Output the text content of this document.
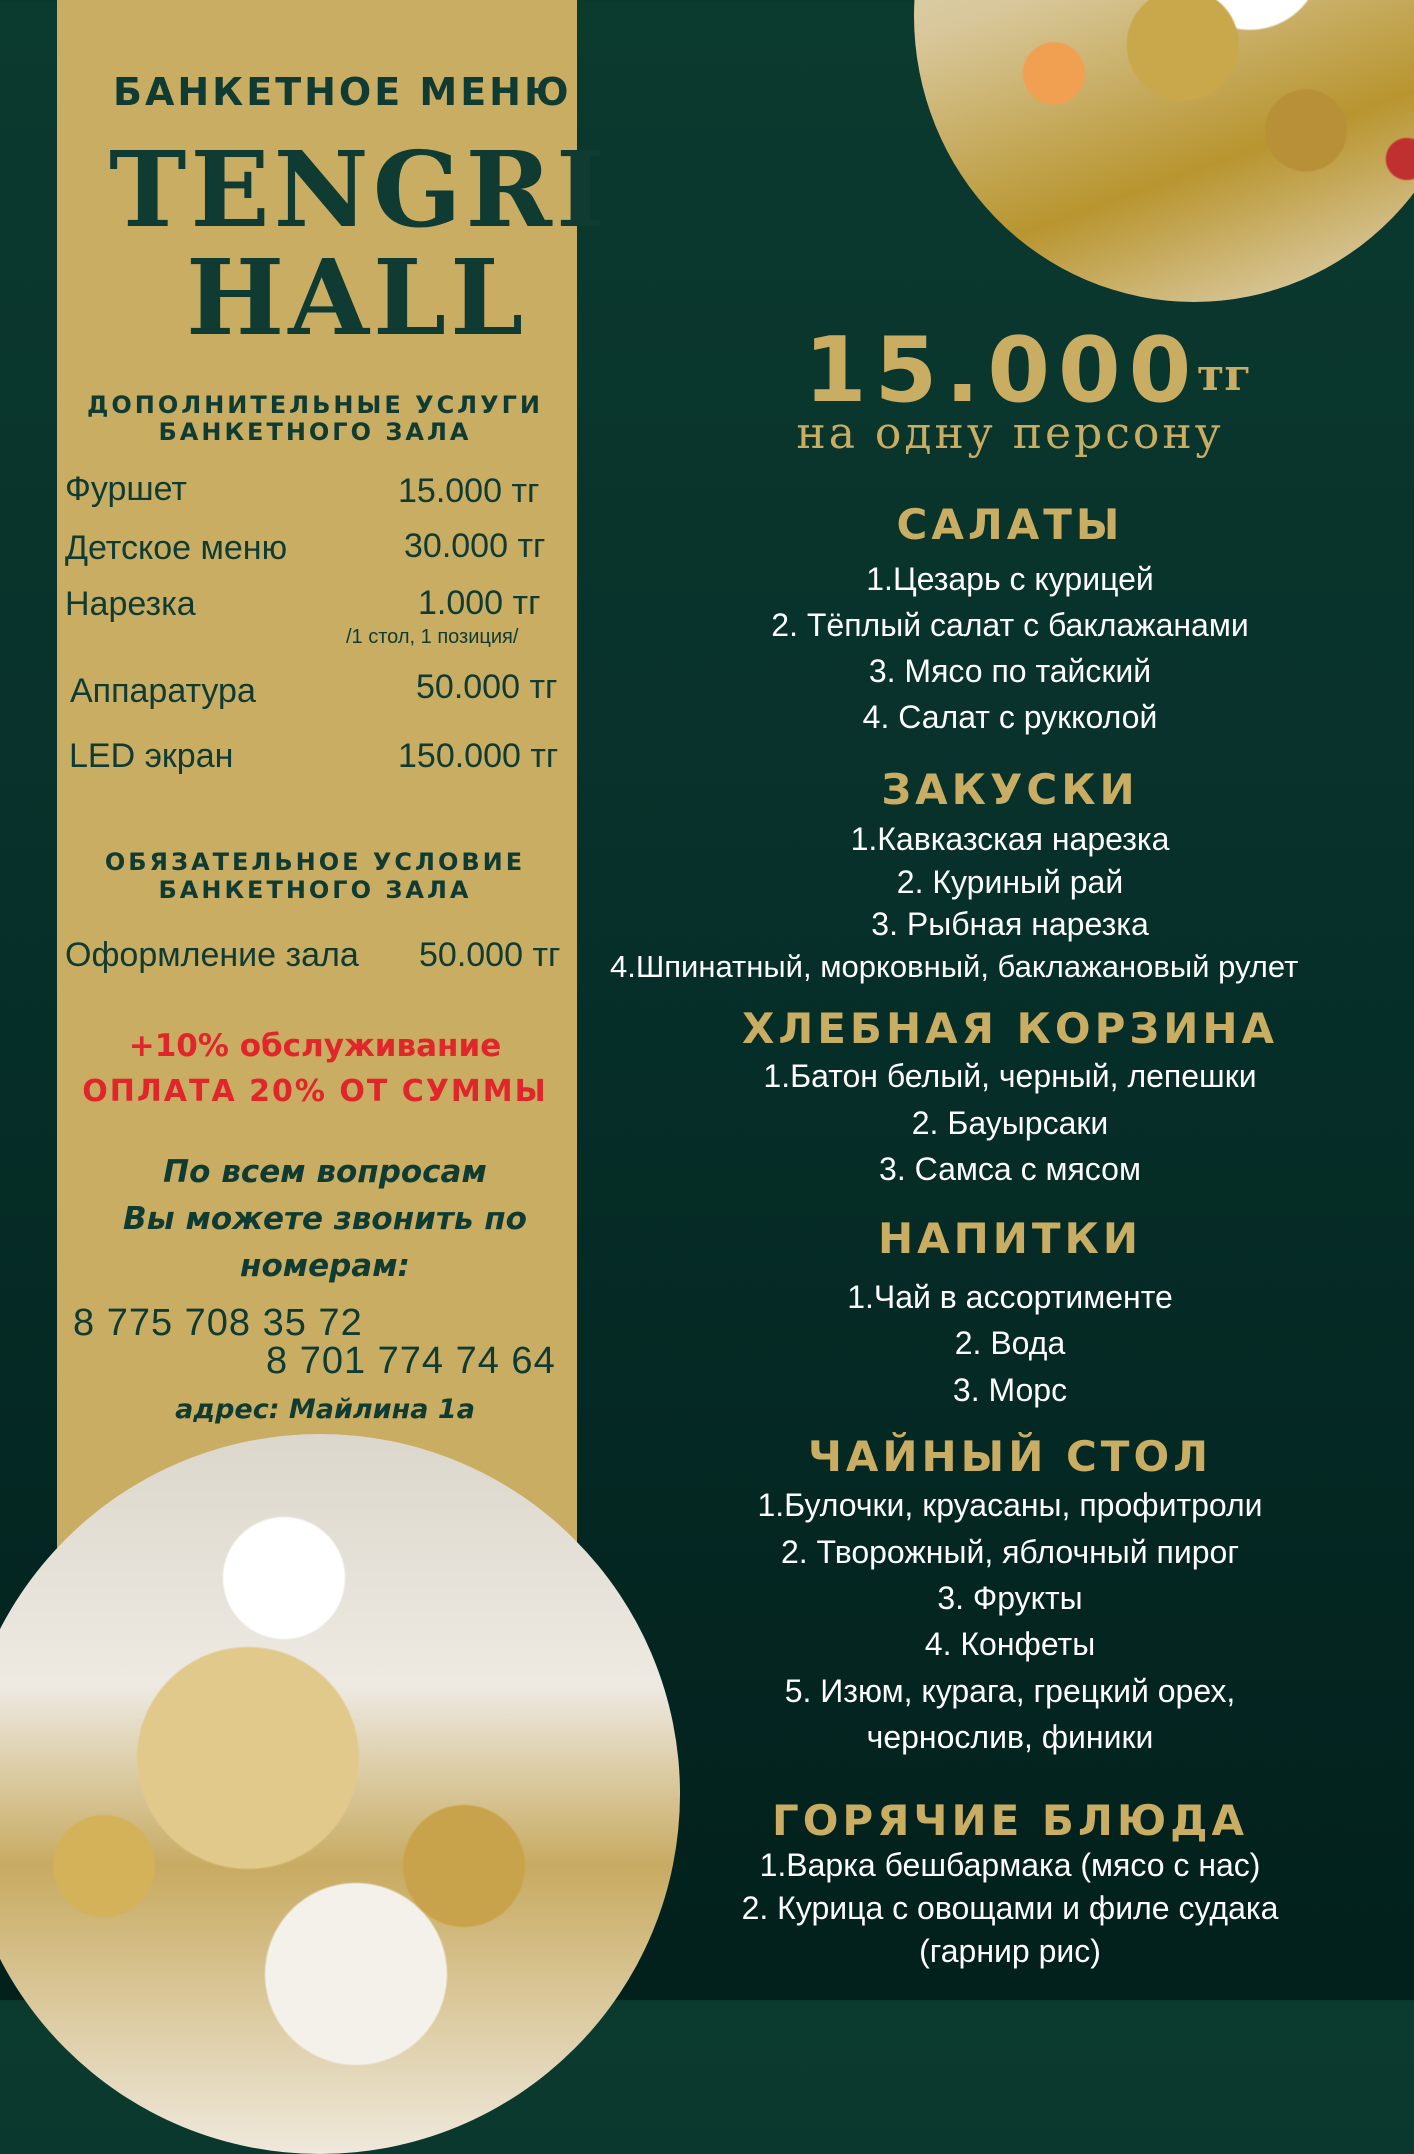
БАНКЕТНОЕ МЕНЮ

TENGRI

HALL

ДОПОЛНИТЕЛЬНЫЕ УСЛУГИ

БАНКЕТНОГО ЗАЛА

Фуршет	15.000 тг

Детское меню	30.000 тг

Нарезка	1.000 тг

/1 стол, 1 позиция/

Аппаратура	50.000 тг

LED экран	150.000 тг

ОБЯЗАТЕЛЬНОЕ УСЛОВИЕ

БАНКЕТНОГО ЗАЛА

Оформление зала 50.000 тг

+10% обслуживание

ОПЛАТА 20% ОТ СУММЫ

По всем вопросам

Вы можете звонить по

номерам:

8 775 708 35 72

8 701 774 74 64

адрес: Майлина 1а

15.000

тг

на одну персону

САЛАТЫ

1.Цезарь с курицей

2. Тёплый салат с баклажанами

3. Мясо по тайский

4. Салат с рукколой

ЗАКУСКИ

1.Кавказская нарезка

2. Куриный рай

3. Рыбная нарезка

4.Шпинатный, морковный, баклажановый рулет

ХЛЕБНАЯ КОРЗИНА

1.Батон белый, черный, лепешки

2. Бауырсаки

3. Самса с мясом

НАПИТКИ

1.Чай в ассортименте

2. Вода

3. Морс

ЧАЙНЫЙ СТОЛ

1.Булочки, круасаны, профитроли

2. Творожный, яблочный пирог

3. Фрукты

4. Конфеты

5. Изюм, курага, грецкий орех,

чернослив, финики

ГОРЯЧИЕ БЛЮДА

1.Варка бешбармака (мясо с нас)

2. Курица с овощами и филе судака

(гарнир рис)
